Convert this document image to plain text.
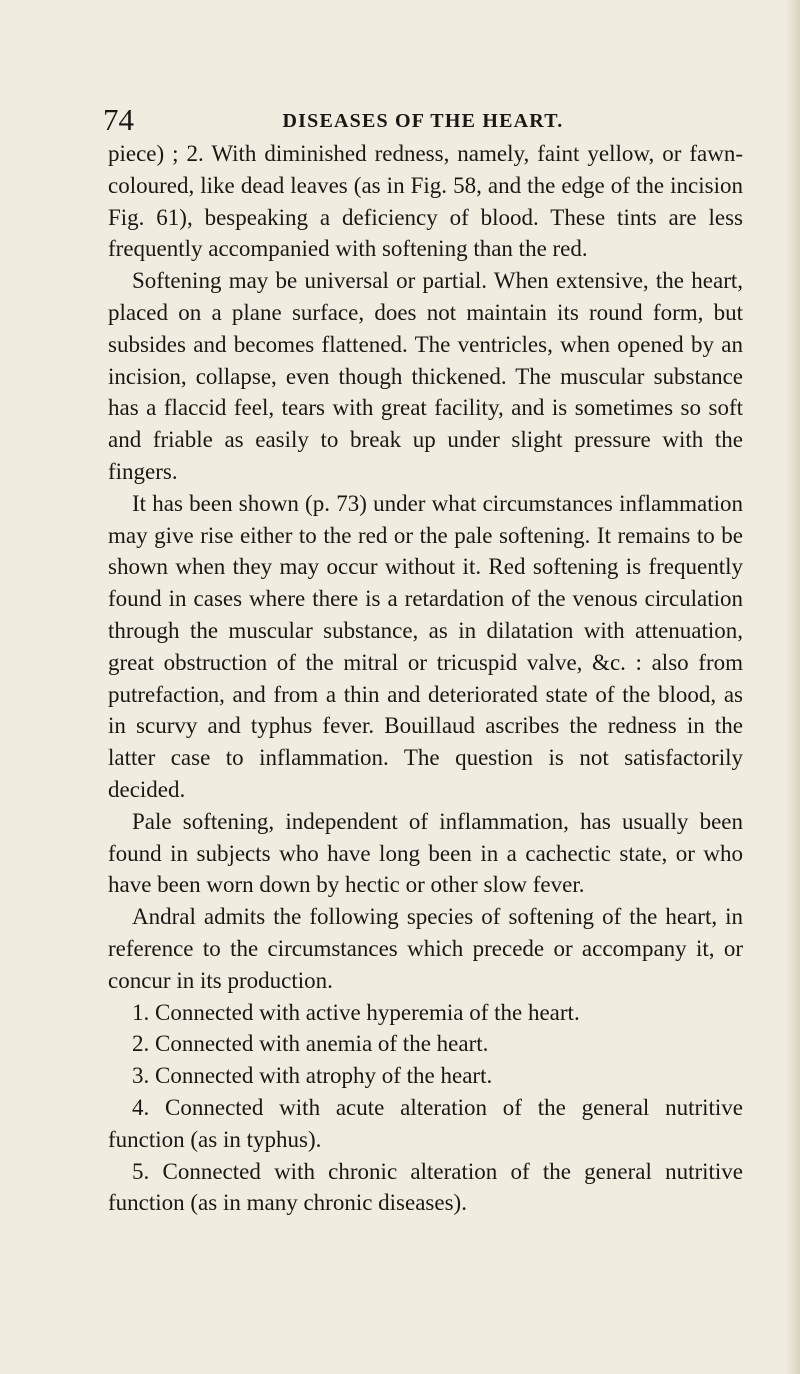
74	DISEASES OF THE HEART.

piece) ; 2. With diminished redness, namely, faint yellow, or fawn-coloured, like dead leaves (as in Fig. 58, and the edge of the incision Fig. 61), bespeaking a deficiency of blood. These tints are less frequently accompanied with softening than the red.

Softening may be universal or partial. When extensive, the heart, placed on a plane surface, does not maintain its round form, but subsides and becomes flattened. The ventricles, when opened by an incision, collapse, even though thickened. The muscular substance has a flaccid feel, tears with great facility, and is sometimes so soft and friable as easily to break up under slight pressure with the fingers.

It has been shown (p. 73) under what circumstances inflammation may give rise either to the red or the pale softening. It remains to be shown when they may occur without it. Red softening is frequently found in cases where there is a retardation of the venous circulation through the muscular substance, as in dilatation with attenuation, great obstruction of the mitral or tricuspid valve, &c. : also from putrefaction, and from a thin and deteriorated state of the blood, as in scurvy and typhus fever. Bouillaud ascribes the redness in the latter case to inflammation. The question is not satisfactorily decided.

Pale softening, independent of inflammation, has usually been found in subjects who have long been in a cachectic state, or who have been worn down by hectic or other slow fever.

Andral admits the following species of softening of the heart, in reference to the circumstances which precede or accompany it, or concur in its production.

1. Connected with active hyperemia of the heart.

2. Connected with anemia of the heart.

3. Connected with atrophy of the heart.

4. Connected with acute alteration of the general nutritive function (as in typhus).

5. Connected with chronic alteration of the general nutritive function (as in many chronic diseases).
